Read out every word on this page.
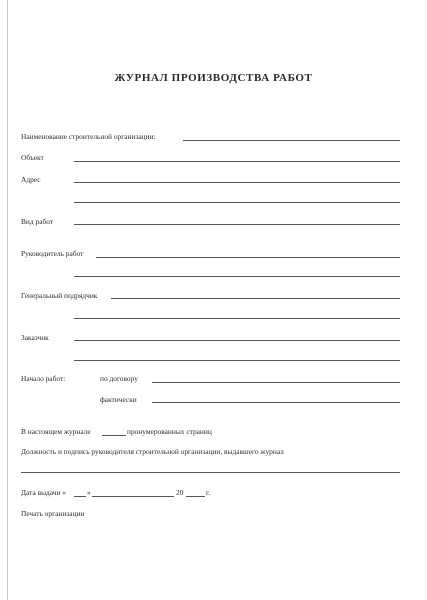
ЖУРНАЛ ПРОИЗВОДСТВА РАБОТ
Наименование строительной организации:
Объект
Адрес
Вид работ
Руководитель работ
Генеральный подрядчик
Заказчик
Начало работ:	по договору
фактически
В настоящем журнале	пронумерованных страниц
Должность и подпись руководителя строительной организации, выдавшего журнал
Дата выдачи «	»	20	г.
Печать организации
